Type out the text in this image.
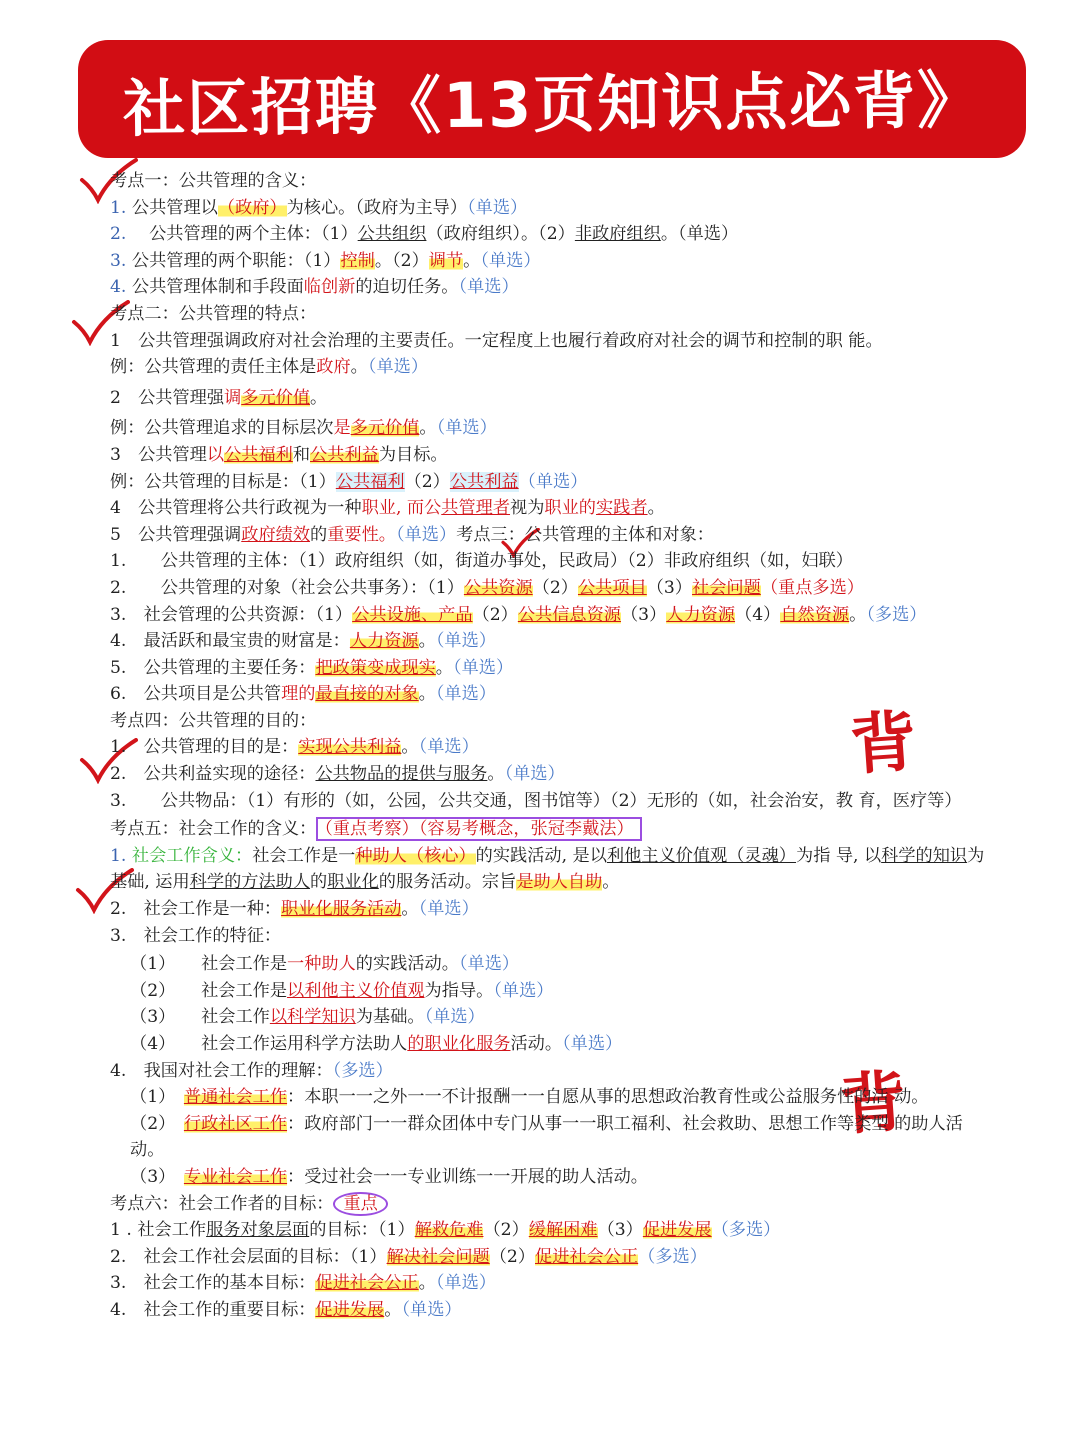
社区招聘《13页知识点必背》
背
背
考点一：公共管理的含义：
1. 公共管理以（政府）为核心。（政府为主导）（单选）
2.　 公共管理的两个主体：（1）公共组织（政府组织）。（2）非政府组织。（单选）
3. 公共管理的两个职能：（1）控制。（2）调节。（单选）
4. 公共管理体制和手段面临创新的迫切任务。（单选）
考点二：公共管理的特点：
1　公共管理强调政府对社会治理的主要责任。一定程度上也履行着政府对社会的调节和控制的职 能。
例：公共管理的责任主体是政府。（单选）
2　公共管理强调多元价值。
例：公共管理追求的目标层次是多元价值。（单选）
3　公共管理以公共福利和公共利益为目标。
例：公共管理的目标是：（1）公共福利（2）公共利益（单选）
4　公共管理将公共行政视为一种职业, 而公共管理者视为职业的实践者。
5　公共管理强调政府绩效的重要性。（单选）考点三：公共管理的主体和对象：
1.　　公共管理的主体：（1）政府组织（如，街道办事处，民政局）（2）非政府组织（如，妇联）
2.　　公共管理的对象（社会公共事务）：（1）公共资源（2）公共项目（3）社会问题（重点多选）
3.　社会管理的公共资源：（1）公共设施、产品（2）公共信息资源（3）人力资源（4）自然资源。（多选）
4.　最活跃和最宝贵的财富是：人力资源。（单选）
5.　公共管理的主要任务：把政策变成现实。（单选）
6.　公共项目是公共管理的最直接的对象。（单选）
考点四：公共管理的目的：
1.　公共管理的目的是：实现公共利益。（单选）
2.　公共利益实现的途径：公共物品的提供与服务。（单选）
3.　　公共物品：（1）有形的（如，公园，公共交通，图书馆等）（2）无形的（如，社会治安，教 育，医疗等）
考点五：社会工作的含义： （重点考察）（容易考概念，张冠李戴法）
1. 社会工作含义：社会工作是一种助人（核心）的实践活动, 是以利他主义价值观（灵魂）为指 导, 以科学的知识为基础, 运用科学的方法助人的职业化的服务活动。宗旨是助人自助。
2.　社会工作是一种：职业化服务活动。（单选）
3.　社会工作的特征：
（1）　　社会工作是一种助人的实践活动。（单选）
（2）　　社会工作是以利他主义价值观为指导。（单选）
（3）　　社会工作以科学知识为基础。（单选）
（4）　　社会工作运用科学方法助人的职业化服务活动。（单选）
4.　我国对社会工作的理解：（多选）
（1）　普通社会工作：本职一一之外一一不计报酬一一自愿从事的思想政治教育性或公益服务性的活 动。
（2）　行政社区工作：政府部门一一群众团体中专门从事一一职工福利、社会救助、思想工作等类型 的助人活动。
（3）　专业社会工作：受过社会一一专业训练一一开展的助人活动。
考点六：社会工作者的目标： 重点
1 . 社会工作服务对象层面的目标：（1）解救危难（2）缓解困难（3）促进发展（多选）
2.　社会工作社会层面的目标：（1）解决社会问题（2）促进社会公正（多选）
3.　社会工作的基本目标：促进社会公正。（单选）
4.　社会工作的重要目标：促进发展。（单选）
